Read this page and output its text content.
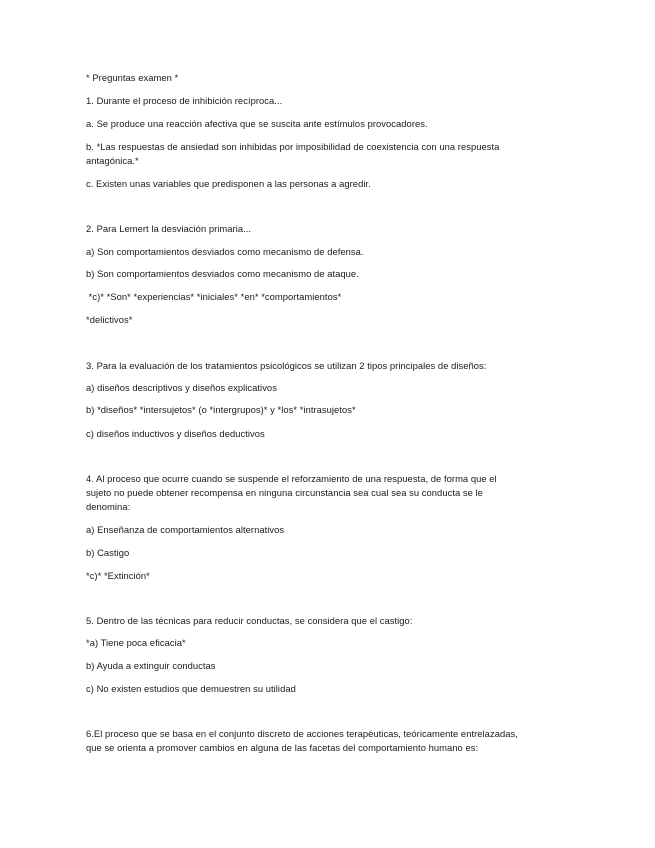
* Preguntas examen *
1. Durante el proceso de inhibición recíproca...
a. Se produce una reacción afectiva que se suscita ante estímulos provocadores.
b. *Las respuestas de ansiedad son inhibidas por imposibilidad de coexistencia con una respuesta antagónica.*
c. Existen unas variables que predisponen a las personas a agredir.
2. Para Lemert la desviación primaria...
a) Son comportamientos desviados como mecanismo de defensa.
b) Son comportamientos desviados como mecanismo de ataque.
*c)* *Son* *experiencias* *iniciales* *en* *comportamientos*
*delictivos*
3. Para la evaluación de los tratamientos psicológicos se utilizan 2 tipos principales de diseños:
a) diseños descriptivos y diseños explicativos
b) *diseños* *intersujetos* (o *intergrupos)* y *los* *intrasujetos*
c) diseños inductivos y diseños deductivos
4. Al proceso que ocurre cuando se suspende el reforzamiento de una respuesta, de forma que el sujeto no puede obtener recompensa en ninguna circunstancia sea cual sea su conducta se le denomina:
a) Enseñanza de comportamientos alternativos
b) Castigo
*c)* *Extinción*
5. Dentro de las técnicas para reducir conductas, se considera que el castigo:
*a) Tiene poca eficacia*
b) Ayuda a extinguir conductas
c) No existen estudios que demuestren su utilidad
6.El proceso que se basa en el conjunto discreto de acciones terapéuticas, teóricamente entrelazadas, que se orienta a promover cambios en alguna de las facetas del comportamiento humano es:
